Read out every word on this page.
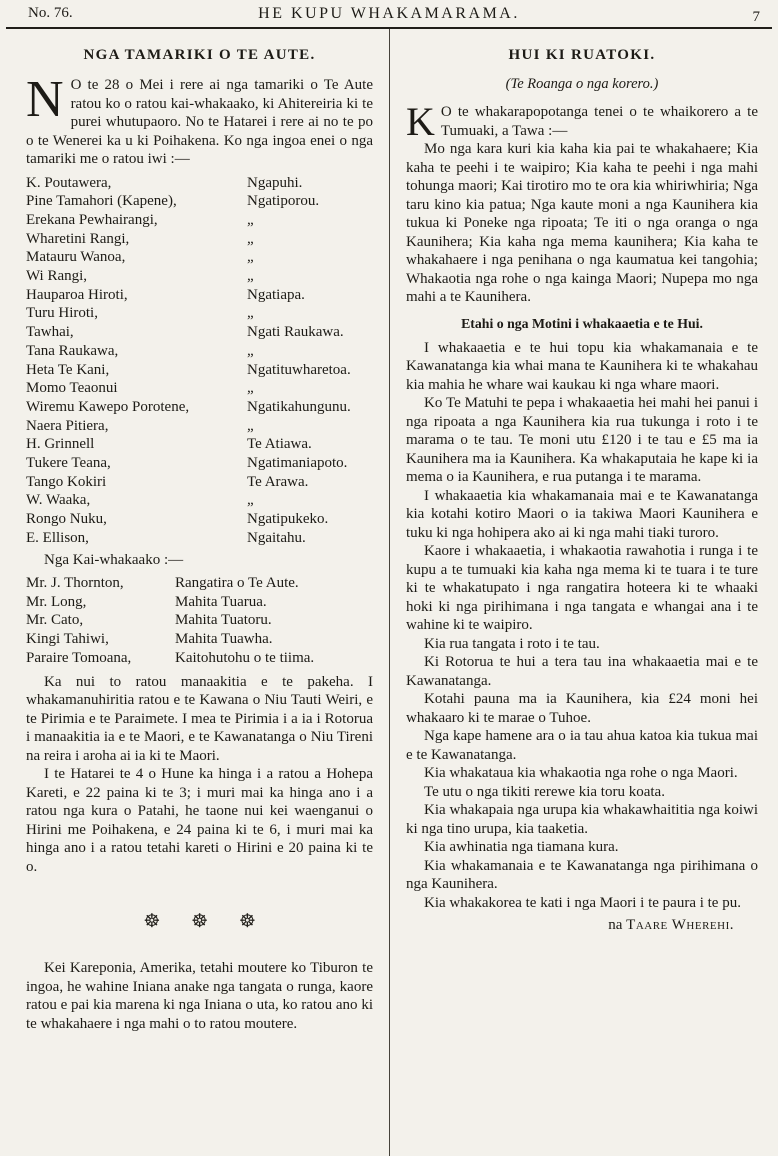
No. 76.	HE KUPU WHAKAMARAMA.	7
NGA TAMARIKI O TE AUTE.

N O te 28 o Mei i rere ai nga tamariki o Te Aute ratou ko o ratou kai-whakaako, ki Ahitereiria ki te purei whutupaoro. No te Hatarei i rere ai no te po o te Wenerei ka u ki Poihakena. Ko nga ingoa enei o nga tamariki me o ratou iwi :—

K. Poutawera,	Ngapuhi.
Pine Tamahori (Kapene),	Ngatiporou.
Erekana Pewhairangi,	„
Wharetini Rangi,	„
Matauru Wanoa,	„
Wi Rangi,	„
Hauparoa Hiroti,	Ngatiapa.
Turu Hiroti,	„
Tawhai,	Ngati Raukawa.
Tana Raukawa,	„
Heta Te Kani,	Ngatituwharetoa.
Momo Teaonui	„
Wiremu Kawepo Porotene,	Ngatikahungunu.
Naera Pitiera,	„
H. Grinnell	Te Atiawa.
Tukere Teana,	Ngatimaniapoto.
Tango Kokiri	Te Arawa.
W. Waaka,	„
Rongo Nuku,	Ngatipukeko.
E. Ellison,	Ngaitahu.

Nga Kai-whakaako :—

Mr. J. Thornton,	Rangatira o Te Aute.
Mr. Long,	Mahita Tuarua.
Mr. Cato,	Mahita Tuatoru.
Kingi Tahiwi,	Mahita Tuawha.
Paraire Tomoana,	Kaitohutohu o te tiima.

Ka nui to ratou manaakitia e te pakeha. I whakamanuhiritia ratou e te Kawana o Niu Tauti Weiri, e te Pirimia e te Paraimete. I mea te Pirimia i a ia i Rotorua i manaakitia ia e te Maori, e te Kawanatanga o Niu Tireni na reira i aroha ai ia ki te Maori.

I te Hatarei te 4 o Hune ka hinga i a ratou a Hohepa Kareti, e 22 paina ki te 3; i muri mai ka hinga ano i a ratou nga kura o Patahi, he taone nui kei waenganui o Hirini me Poihakena, e 24 paina ki te 6, i muri mai ka hinga ano i a ratou tetahi kareti o Hirini e 20 paina ki te o.

☸ ☸ ☸

Kei Kareponia, Amerika, tetahi moutere ko Tiburon te ingoa, he wahine Iniana anake nga tangata o runga, kaore ratou e pai kia marena ki nga Iniana o uta, ko ratou ano ki te whakahaere i nga mahi o to ratou moutere.

HUI KI RUATOKI.
(Te Roanga o nga korero.)

K O te whakarapopotanga tenei o te whaikorero a te Tumuaki, a Tawa :—

Mo nga kara kuri kia kaha kia pai te whakahaere; Kia kaha te peehi i te waipiro; Kia kaha te peehi i nga mahi tohunga maori; Kai tirotiro mo te ora kia whiriwhiria; Nga taru kino kia patua; Nga kaute moni a nga Kaunihera kia tukua ki Poneke nga ripoata; Te iti o nga oranga o nga Kaunihera; Kia kaha nga mema kaunihera; Kia kaha te whakahaere i nga penihana o nga kaumatua kei tangohia; Whakaotia nga rohe o nga kainga Maori; Nupepa mo nga mahi a te Kaunihera.

Etahi o nga Motini i whakaaetia e te Hui.

I whakaaetia e te hui topu kia whakamanaia e te Kawanatanga kia whai mana te Kaunihera ki te whakahau kia mahia he whare wai kaukau ki nga whare maori.

Ko Te Matuhi te pepa i whakaaetia hei mahi hei panui i nga ripoata a nga Kaunihera kia rua tukunga i roto i te marama o te tau. Te moni utu £120 i te tau e £5 ma ia Kaunihera ma ia Kaunihera. Ka whakaputaia he kape ki ia mema o ia Kaunihera, e rua putanga i te marama.

I whakaaetia kia whakamanaia mai e te Kawanatanga kia kotahi kotiro Maori o ia takiwa Maori Kaunihera e tuku ki nga hohipera ako ai ki nga mahi tiaki turoro.

Kaore i whakaaetia, i whakaotia rawahotia i runga i te kupu a te tumuaki kia kaha nga mema ki te tuara i te ture ki te whakatupato i nga rangatira hoteera ki te whaaki hoki ki nga pirihimana i nga tangata e whangai ana i te wahine ki te waipiro.

Kia rua tangata i roto i te tau.

Ki Rotorua te hui a tera tau ina whakaaetia mai e te Kawanatanga.

Kotahi pauna ma ia Kaunihera, kia £24 moni hei whakaaro ki te marae o Tuhoe.

Nga kape hamene ara o ia tau ahua katoa kia tukua mai e te Kawanatanga.

Kia whakataua kia whakaotia nga rohe o nga Maori.

Te utu o nga tikiti rerewe kia toru koata.

Kia whakapaia nga urupa kia whakawhaititia nga koiwi ki nga tino urupa, kia taaketia.

Kia awhinatia nga tiamana kura.

Kia whakamanaia e te Kawanatanga nga pirihimana o nga Kaunihera.

Kia whakakorea te kati i nga Maori i te paura i te pu.

na Taare Wherehi.
